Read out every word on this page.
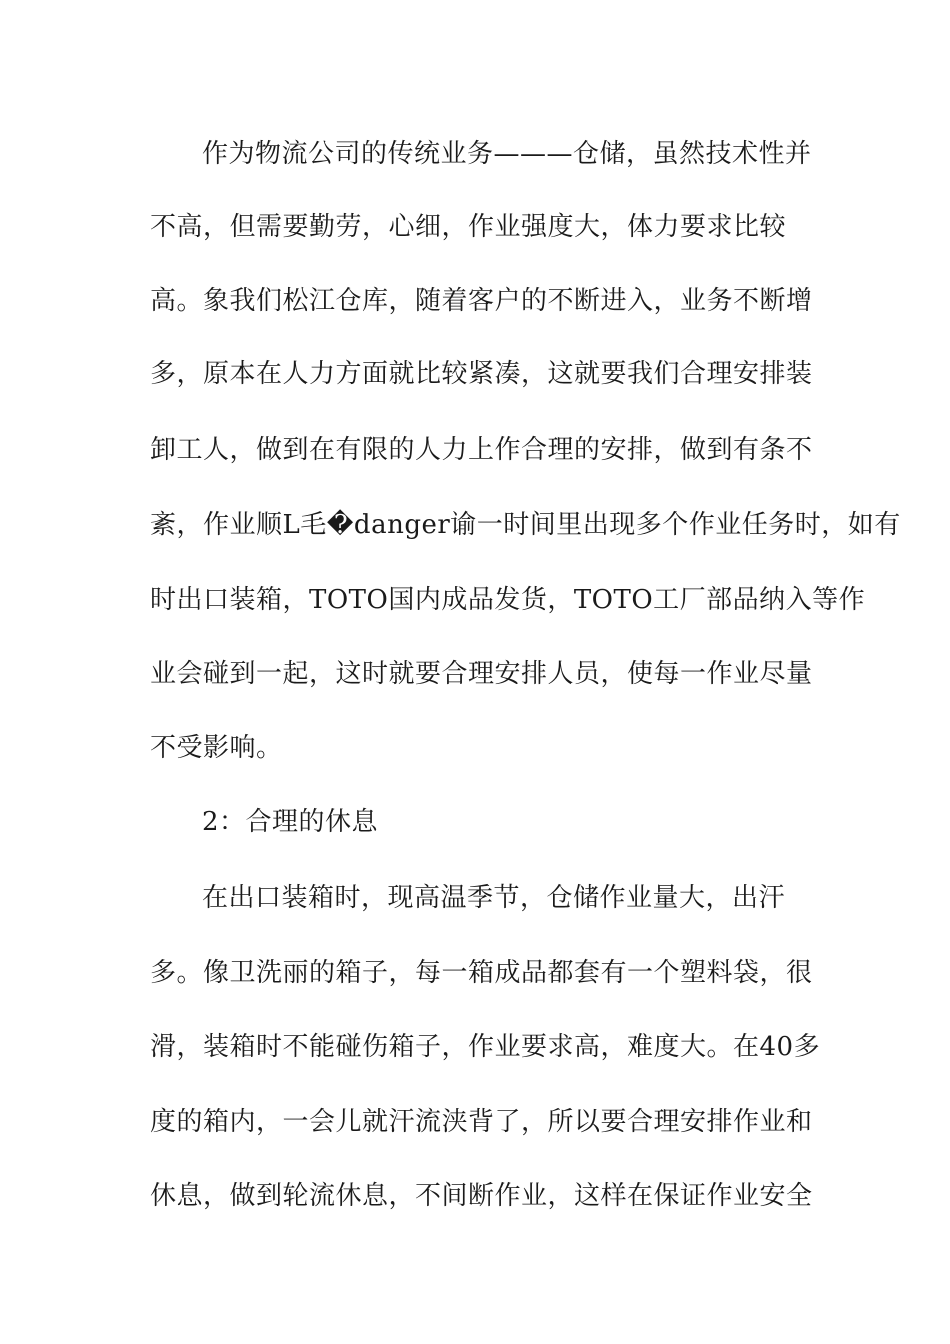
作为物流公司的传统业务———仓储，虽然技术性并
不高，但需要勤劳，心细，作业强度大，体力要求比较
高。象我们松江仓库，随着客户的不断进入，业务不断增
多，原本在人力方面就比较紧凑，这就要我们合理安排装
卸工人，做到在有限的人力上作合理的安排，做到有条不
紊，作业顺L毛�danger谕一时间里出现多个作业任务时，如有
时出口装箱，TOTO国内成品发货，TOTO工厂部品纳入等作
业会碰到一起，这时就要合理安排人员，使每一作业尽量
不受影响。
2：合理的休息
在出口装箱时，现高温季节，仓储作业量大，出汗
多。像卫洗丽的箱子，每一箱成品都套有一个塑料袋，很
滑，装箱时不能碰伤箱子，作业要求高，难度大。在40多
度的箱内，一会儿就汗流浃背了，所以要合理安排作业和
休息，做到轮流休息，不间断作业，这样在保证作业安全
